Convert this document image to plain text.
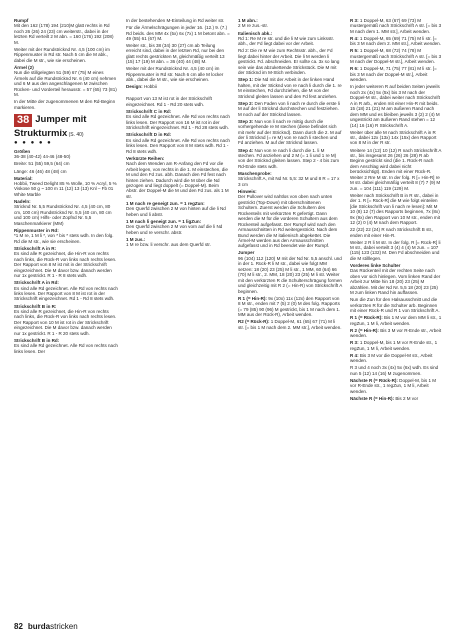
Rumpf
Mit den 162 (178) 194 (210)M glatt rechts in Rd noch 26 (26) 24 (23) cm weiterstr., dabei in der letzten Rd verteilt 2 M abn. = 160 (176) 192 (208) M.
Weiter mit der Rundstricknd Nr. 4,5 (100 cm) im Rippenmuster in Rd str. Nach 5 cm die M abk., dabei die M str., wie sie erscheinen.
Ärmel (2)
Nun die stillgelegten 51 (59) 67 (75) M eines Ärmels auf die Rundstricknd Nr. 6 (40 cm) nehmen und 6 M aus den angeschlagenen M zwischen Rücken- und Vorderteil herausstr. = 57 (65) 73 (81) M.
In der Mitte der zugenommenen M den Rd-Beginn markieren.
38 Jumper mit
Strukturmix (S. 40)
● ● ● ● ●
Größen
36-38 (40-42) 44-46 (48-50)
Breite: 51 (55) 59,5 (64) cm
Länge: 46 (46) 48 (48) cm
Material:
Hobbii, Tweed Delight 85 % Wolle, 10 % Acryl, 5 % Viskose 50 g ~ 100 m 11 (12) 13 (13) Knl – Fb 01 White Marble
Nadeln:
Stricknd Nr. 5,5 Rundstricknd Nr. 4,5 (40 cm, 80 cm, 100 cm) Rundstricknd Nr. 5,5 (40 cm, 80 cm und 100 cm) Hilfs- oder Zopfnd Nr. 5,5 Maschenmarkierer (MM)
Rippenmuster in Rd:
*1 M re, 1 M li *, von * bis * stets wdh. In den folg. Rd die M str., wie sie erscheinen.
Strickschrift A in R:
Es sind alle R gezeichnet, die Hin-R von rechts nach links, die Rück-R von links nach rechts lesen. Der Rapport von 8 M ist mit in der Strickschrift eingezeichnet. Die M davor bzw. danach werden nur 1x gestrickt. R 1 - R 8 stets wdh.
Strickschrift A in Rd:
Es sind alle Rd gezeichnet. Alle Rd von rechts nach links lesen. Der Rapport von 8 M ist rot in der Strickschrift eingezeichnet. Rd 1 - Rd 8 stets wdh.
Strickschrift B in R:
Es sind alle R gezeichnet, die Hin-R von rechts nach links, die Rück-R von links nach rechts lesen. Der Rapport von 10 M ist rot in der Strickschrift eingezeichnet. Die M davor bzw. danach werden nur 1x gestrickt. R 1 - R 20 stets wdh.
Strickschrift B in Rd:
Es sind alle Rd gezeichnet. Alle Rd von rechts nach links lesen. Der
In der bestehenden M-Einteilung in Rd weiter str.
Für die Ärmelschrägungen in jeder 16. (12.) 9. (7.) Rd beids. des MM 4x (5x) 6x (7x) 1 M betont abn. = 49 (55) 61 (67) M.
Weiter str., bis 38 (34) 30 (27) cm ab Teilung erreicht sind, dabei in der letzten Rd, nur bei den glatt rechts gestrickten M, gleichmäßig verteilt 13 (15) 17 (19) M abn. = 36 (40) 44 (48) M.
Weiter mit der Rundstricknd Nr. 4,5 (40 cm) im Rippenmuster in Rd str. Nach 6 cm alle M locker abk., dabei die M str., wie sie erscheinen.
Design: Hobbii
Rapport von 13 M ist rot in der Strickschrift eingezeichnet. Rd 1 - Rd 20 stets wdh.
Strickschrift C in Rd:
Es sind alle Rd gezeichnet. Alle Rd von rechts nach links lesen. Der Rapport von 16 M ist rot in der Strickschrift eingezeichnet. Rd 1 - Rd 28 stets wdh.
Strickschrift D in Rd:
Es sind alle Rd gezeichnet. Alle Rd von rechts nach links lesen. Den Rapport von 8 M stets wdh. Rd 1 - Rd 8 stets wdh.
Verkürzte Reihen:
Nach dem Wenden am R-Anfang den Fd vor die Arbeit legen, von rechts in die 1. M einstechen, die M und den Fd zus. abh. Danach den Fd fest nach hinten ziehen. Dadurch wird die M über die Nd gezogen und liegt doppelt (= Doppel-M). Beim Abstr. der Doppel-M die M und den Fd zus. als 1 M str.
1 M nach re geneigt zun. = 1 regZun:
Den Querfd zwischen 2 M von hinten auf die li Nd heben und li abstr.
1 M nach li geneigt zun. = 1 ligZun:
Den Querfd zwischen 2 M von vorn auf die li Nd heben und re verschr. abstr.
1 M zus.:
1 M re bzw. li verschr. aus dem Querfd str.
1 M abn.:
2 M re zus.-str.
Italienisch abk.:
Rd 1: Re M re str. und die li M wie zum Linksstr. abh., der Fd liegt dabei vor der Arbeit.
Rd 2: Die re M wie zum Rechtsstr. abh., der Fd liegt dabei hinter der Arbeit. Die li M werden li gestrickt. Fd. abschneiden. Er sollte ca. 3x so lang sein wie das abzukettende Strickstück. Die M mit der Sticknd im M-Stich verbinden.
Step 1: Die Nd mit der Arbeit in der linken Hand halten, mit der Sticknd von re nach li durch die 1. re M einstechen, Fd durchziehen, die M von der Stricknd gleiten lassen und den Fd fest anziehen.
Step 2: Den Faden von li nach re durch die erste li M auf der li Stricknd durchstechen und festziehen. M noch auf der Stricknd lassen.
Step 3: Nun von li nach re mittig durch die vorhergehende re M stechen (diese befindet sich mit mehr auf der Stricknd). Dann durch die 2. M auf der li Stricknd (= re M) von re nach li stechen und Fd anziehen. M auf der Stricknd lassen.
Step 4: Nun von re nach li durch die 1. li M stechen. Fd anziehen und 2 M (= 1 li und 1 re M) von der Stricknd gleiten lassen. Step 2 - 4 bis zum Rd-Ende stets wdh.
Maschenprobe:
Strickschrift A, mit Nd Nr. 5,5: 32 M und 8 R = 17 x 3 cm
Hinweis:
Der Pullover wird nahtlos von oben nach unten gestrickt (Top-Down) mit überschnittenen Schultern. Zuerst werden die Schultern des Rückenteils mit verkürzten R gefertigt. Dann werden die M für die vorderen Schultern aus dem Rückenteil aufgefasst. Der Rumpf wird nach den Armausschnitten in Rd weitergestrickt. Nach dem Bund werden die M italienisch abgekettet. Die Ärmel-M werden aus den Armausschnitten aufgefasst und in Rd beendet wie der Rumpf.
Jumper
96 (104) 112 (120) M mit der Nd Nr. 5,5 anschl. und in der 1. Rück-R li M str., dabei wie folgt MM setzen: 18 (20) 23 (25) M li str., 1 MM, 60 (64) 66 (70) M li str., 2. MM, 18 (20) 23 (25) M li str. Weiter mit den verkürzten R die Schulterschrägung formen und gleichzeitig mit R 2 (= Hin-R) von Strickschrift A beginnen.
R 1 (= Hin-R): 9x (10x) 11x (12x) den Rapport von 8 M str., enden mit 7 (5) 2 (0) M des folg. Rapports (= 79 (85) 90 (96) M gestrickt, bis 1 M nach dem 1. MM aus der Rück-R), Arbeit wenden.
R2 (= Rück-R): 1 Doppel-M, 61 (65) 67 (71) M li str. [= bis 1 M nach dem 2. MM str.], Arbeit wenden.
R 3: 1 Doppel-M, 63 (67) 69 (73) M mustergemäß nach Strickschrift A str. [= bis 3 M nach dem 1. MM str.], Arbeit wenden.
R 4: 1 Doppel-M, 65 (69) 71 (75) M li str. [= bis 3 M nach dem 2. MM str.], Arbeit wenden.
R 5: 1 Doppel-M, 68 (72) 74 (78) M mustergemäß nach Strickschrift A str. [= bis 3 M nach der Doppel-M str.], Arbeit wenden.
R 6: 1 Doppel-M, 71 (75) 77 (81) M li str. [= bis 3 M nach der Doppel-M str.], Arbeit wenden.
In jeder weiteren R auf beiden Seiten jeweils noch 2x (4x) 5x (5x) bis 3 M nach der Doppel-M str., dabei weiter nach Strickschrift A in R arb., enden mit einer Hin-R mit beids. 15 (18) 21 (21) M am äußeren Rand nach dem MM und es bleiben jeweils 3 (2) 2 (4) M ungestrickt am äußeren Rand stehen = 12 (14) 16 (16) R Strickschrift A.
Weiter über alle M nach Strickschrift A in R str., dabei 12x (13x) 14x (15x) den Rapport von 8 M in der R str.
Weitere 14 (12) 10 (12) R nach Strickschrift A str., bis insgesamt 26 (26) 26 (28) R ab Beginn gestrickt sind (die 1. Rück-R nach dem Anschlag wird dabei nicht berücksichtigt). Enden mit einer Rück-R. Weiter 2 Rre M str. In der folg. R [= Hin-R] re M str. dabei gleichmäßig verteilt 8 (7) 7 (9) M zun. = 104 (111) 119 (129) M.
Weiter nach Strickschrift B in R str., dabei in der 1. R [= Rück-R] die M wie folgt einteilen [die Strickschrift von li nach re lesen]: Mit M 10 (8) 12 (7) des Rapports beginnen, 7x (8x) 9x (9x) den Rapport von 10 M str., enden mit 12 (2) 0 (4) M nach dem Rapport.
22 (22) 22 (24) R nach Strickschrift B str., enden mit einer Hin-R.
Weiter 2 R li M str. In der folg. R [= Rück-R] li M str., dabei verteilt 3 (4) 4 (4) M zun. = 107 (115) 123 (132) M. Den Fd abschneiden und die M stilllegen.
Vorderes linke Schulter
Das Rückenteil mit der rechten Seite nach oben vor sich hinlegen. Vom linken Rand der Arbeit zur Mitte hin 18 (20) 23 (25) M abzählen. Mit der Nd Nr. 5,5 18 (20) 23 (25) M zum linken Rand hin auffassen.
Nun die Zun für den Halsausschnitt und die verkürzten R für die Schulter arb. Beginnen mit einer Rück-R und R 1 von Strickschrift A.
R 1 (= Rück-R): Bis 1 M vor dem MM li str., 1 regZun, 1 M li, Arbeit wenden.
R 2 (= Hin-R): Bis 3 M vor R-Ende str., Arbeit wenden.
R 3: 1 Doppel-M, bis 1 M vor R-Ende str., 1 regZun, 1 M li, Arbeit wenden.
R 4: Bis 3 M vor die Doppel-M str., Arbeit wenden.
R 3 und 4 noch 3x (4x) 5x (6x) wdh. Es sind nun 5 (12) 14 (16) M zugenommen.
Nächste R (= Rück-R): Doppel-M, bis 1 M vor R-Ende str., 1 regZun, 1 M li, Arbeit wenden.
Nächste R (= Hin-R): Bis 2 M vor
82 burdastricken
